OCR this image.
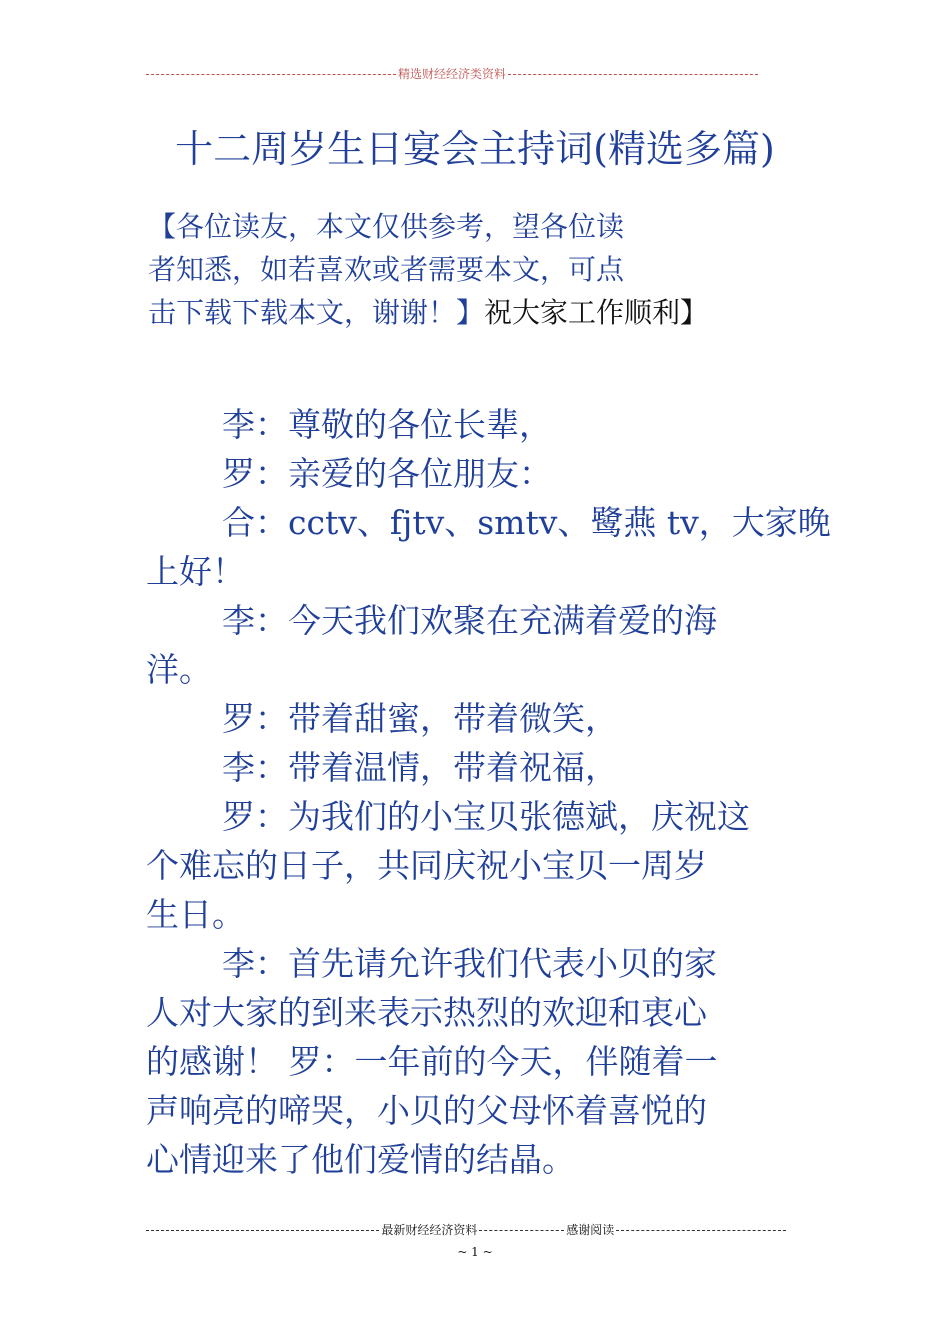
精选财经经济类资料
十二周岁生日宴会主持词(精选多篇)
【各位读友，本文仅供参考，望各位读
者知悉，如若喜欢或者需要本文，可点
击下载下载本文，谢谢！】祝大家工作顺利】
李：尊敬的各位长辈，
罗：亲爱的各位朋友：
合：cctv、fjtv、smtv、鹭燕 tv，大家晚
上好！
李：今天我们欢聚在充满着爱的海
洋。
罗：带着甜蜜，带着微笑，
李：带着温情，带着祝福，
罗：为我们的小宝贝张德斌，庆祝这
个难忘的日子，共同庆祝小宝贝一周岁
生日。
李：首先请允许我们代表小贝的家
人对大家的到来表示热烈的欢迎和衷心
的感谢！ 罗：一年前的今天，伴随着一
声响亮的啼哭，小贝的父母怀着喜悦的
心情迎来了他们爱情的结晶。
最新财经经济资料	感谢阅读
~ 1 ~
